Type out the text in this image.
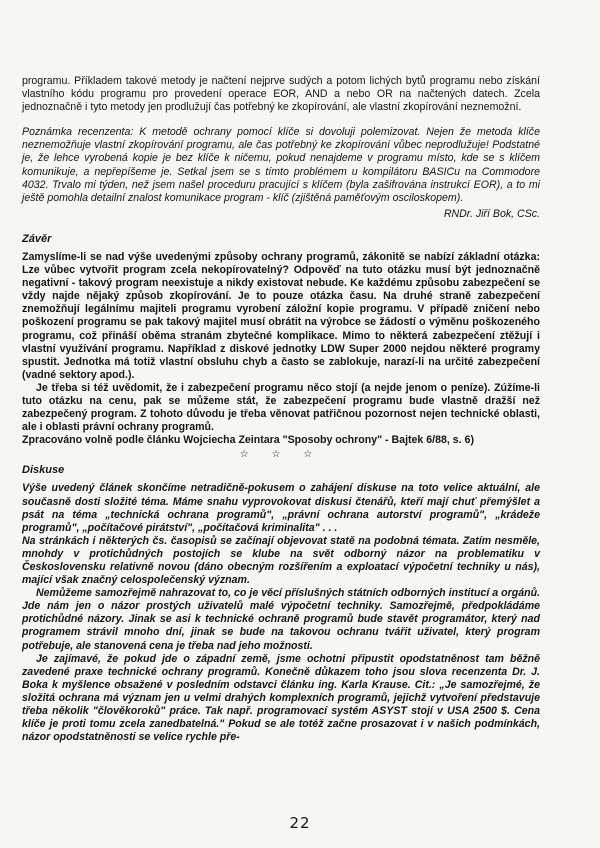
programu. Příkladem takové metody je načtení nejprve sudých a potom lichých bytů programu nebo získání vlastního kódu programu pro provedení operace EOR, AND a nebo OR na načtených datech. Zcela jednoznačně i tyto metody jen prodlužují čas potřebný ke zkopírování, ale vlastní zkopírování neznemožní.

Poznámka recenzenta: K metodě ochrany pomocí klíče si dovoluji polemizovat. Nejen že metoda klíče neznemožňuje vlastní zkopírování programu, ale čas potřebný ke zkopírování vůbec neprodlužuje! Podstatné je, že lehce vyrobená kopie je bez klíče k ničemu, pokud nenajdeme v programu místo, kde se s klíčem komunikuje, a nepřepíšeme je. Setkal jsem se s tímto problémem u kompilátoru BASICu na Commodore 4032. Trvalo mi týden, než jsem našel proceduru pracující s klíčem (byla zašifrována instrukcí EOR), a to mi ještě pomohla detailní znalost komunikace program - klíč (zjištěná paměťovým osciloskopem).

RNDr. Jiří Bok, CSc.

Závěr

Zamyslíme-li se nad výše uvedenými způsoby ochrany programů, zákonitě se nabízí základní otázka: Lze vůbec vytvořit program zcela nekopírovatelný? Odpověď na tuto otázku musí být jednoznačně negativní - takový program neexistuje a nikdy existovat nebude. Ke každému způsobu zabezpečení se vždy najde nějaký způsob zkopírování. Je to pouze otázka času. Na druhé straně zabezpečení znemožňují legálnímu majiteli programu vyrobení záložní kopie programu. V případě zničení nebo poškození programu se pak takový majitel musí obrátit na výrobce se žádostí o výměnu poškozeného programu, což přináší oběma stranám zbytečné komplikace. Mimo to některá zabezpečení ztěžují i vlastní využívání programu. Například z diskové jednotky LDW Super 2000 nejdou některé programy spustit. Jednotka má totiž vlastní obsluhu chyb a často se zablokuje, narazí-li na určité zabezpečení (vadné sektory apod.).

Je třeba si též uvědomit, že i zabezpečení programu něco stojí (a nejde jenom o peníze). Zúžíme-li tuto otázku na cenu, pak se můžeme stát, že zabezpečení programu bude vlastně dražší než zabezpečený program. Z tohoto důvodu je třeba věnovat patřičnou pozornost nejen technické oblasti, ale i oblasti právní ochrany programů.

Zpracováno volně podle článku Wojciecha Zeintara "Sposoby ochrony" - Bajtek 6/88, s. 6)

☆ ☆ ☆

Diskuse

Výše uvedený článek skončíme netradičně-pokusem o zahájení diskuse na toto velice aktuální, ale současně dosti složité téma. Máme snahu vyprovokovat diskusi čtenářů, kteří mají chuť přemýšlet a psát na téma „technická ochrana programů", „právní ochrana autorství programů", „krádeže programů", „počítačové pirátství", „počítačová kriminalita" . . .

Na stránkách i některých čs. časopisů se začínají objevovat statě na podobná témata. Zatím nesměle, mnohdy v protichůdných postojích se klube na svět odborný názor na problematiku v Československu relativně novou (dáno obecným rozšířením a exploatací výpočetní techniky u nás), mající však značný celospolečenský význam.

Nemůžeme samozřejmě nahrazovat to, co je věcí příslušných státních odborných institucí a orgánů. Jde nám jen o názor prostých uživatelů malé výpočetní techniky. Samozřejmě, předpokládáme protichůdné názory. Jinak se asi k technické ochraně programů bude stavět programátor, který nad programem strávil mnoho dní, jinak se bude na takovou ochranu tvářit uživatel, který program potřebuje, ale stanovená cena je třeba nad jeho možnosti.

Je zajímavé, že pokud jde o západní země, jsme ochotni připustit opodstatněnost tam běžně zavedené praxe technické ochrany programů. Konečně důkazem toho jsou slova recenzenta Dr. J. Boka k myšlence obsažené v posledním odstavci článku ing. Karla Krause. Cit.: „Je samozřejmé, že složitá ochrana má význam jen u velmi drahých komplexních programů, jejichž vytvoření představuje třeba několik "člověkoroků" práce. Tak např. programovací systém ASYST stojí v USA 2500 $. Cena klíče je proti tomu zcela zanedbatelná." Pokud se ale totéž začne prosazovat i v našich podmínkách, názor opodstatněnosti se velice rychle pře-

22
